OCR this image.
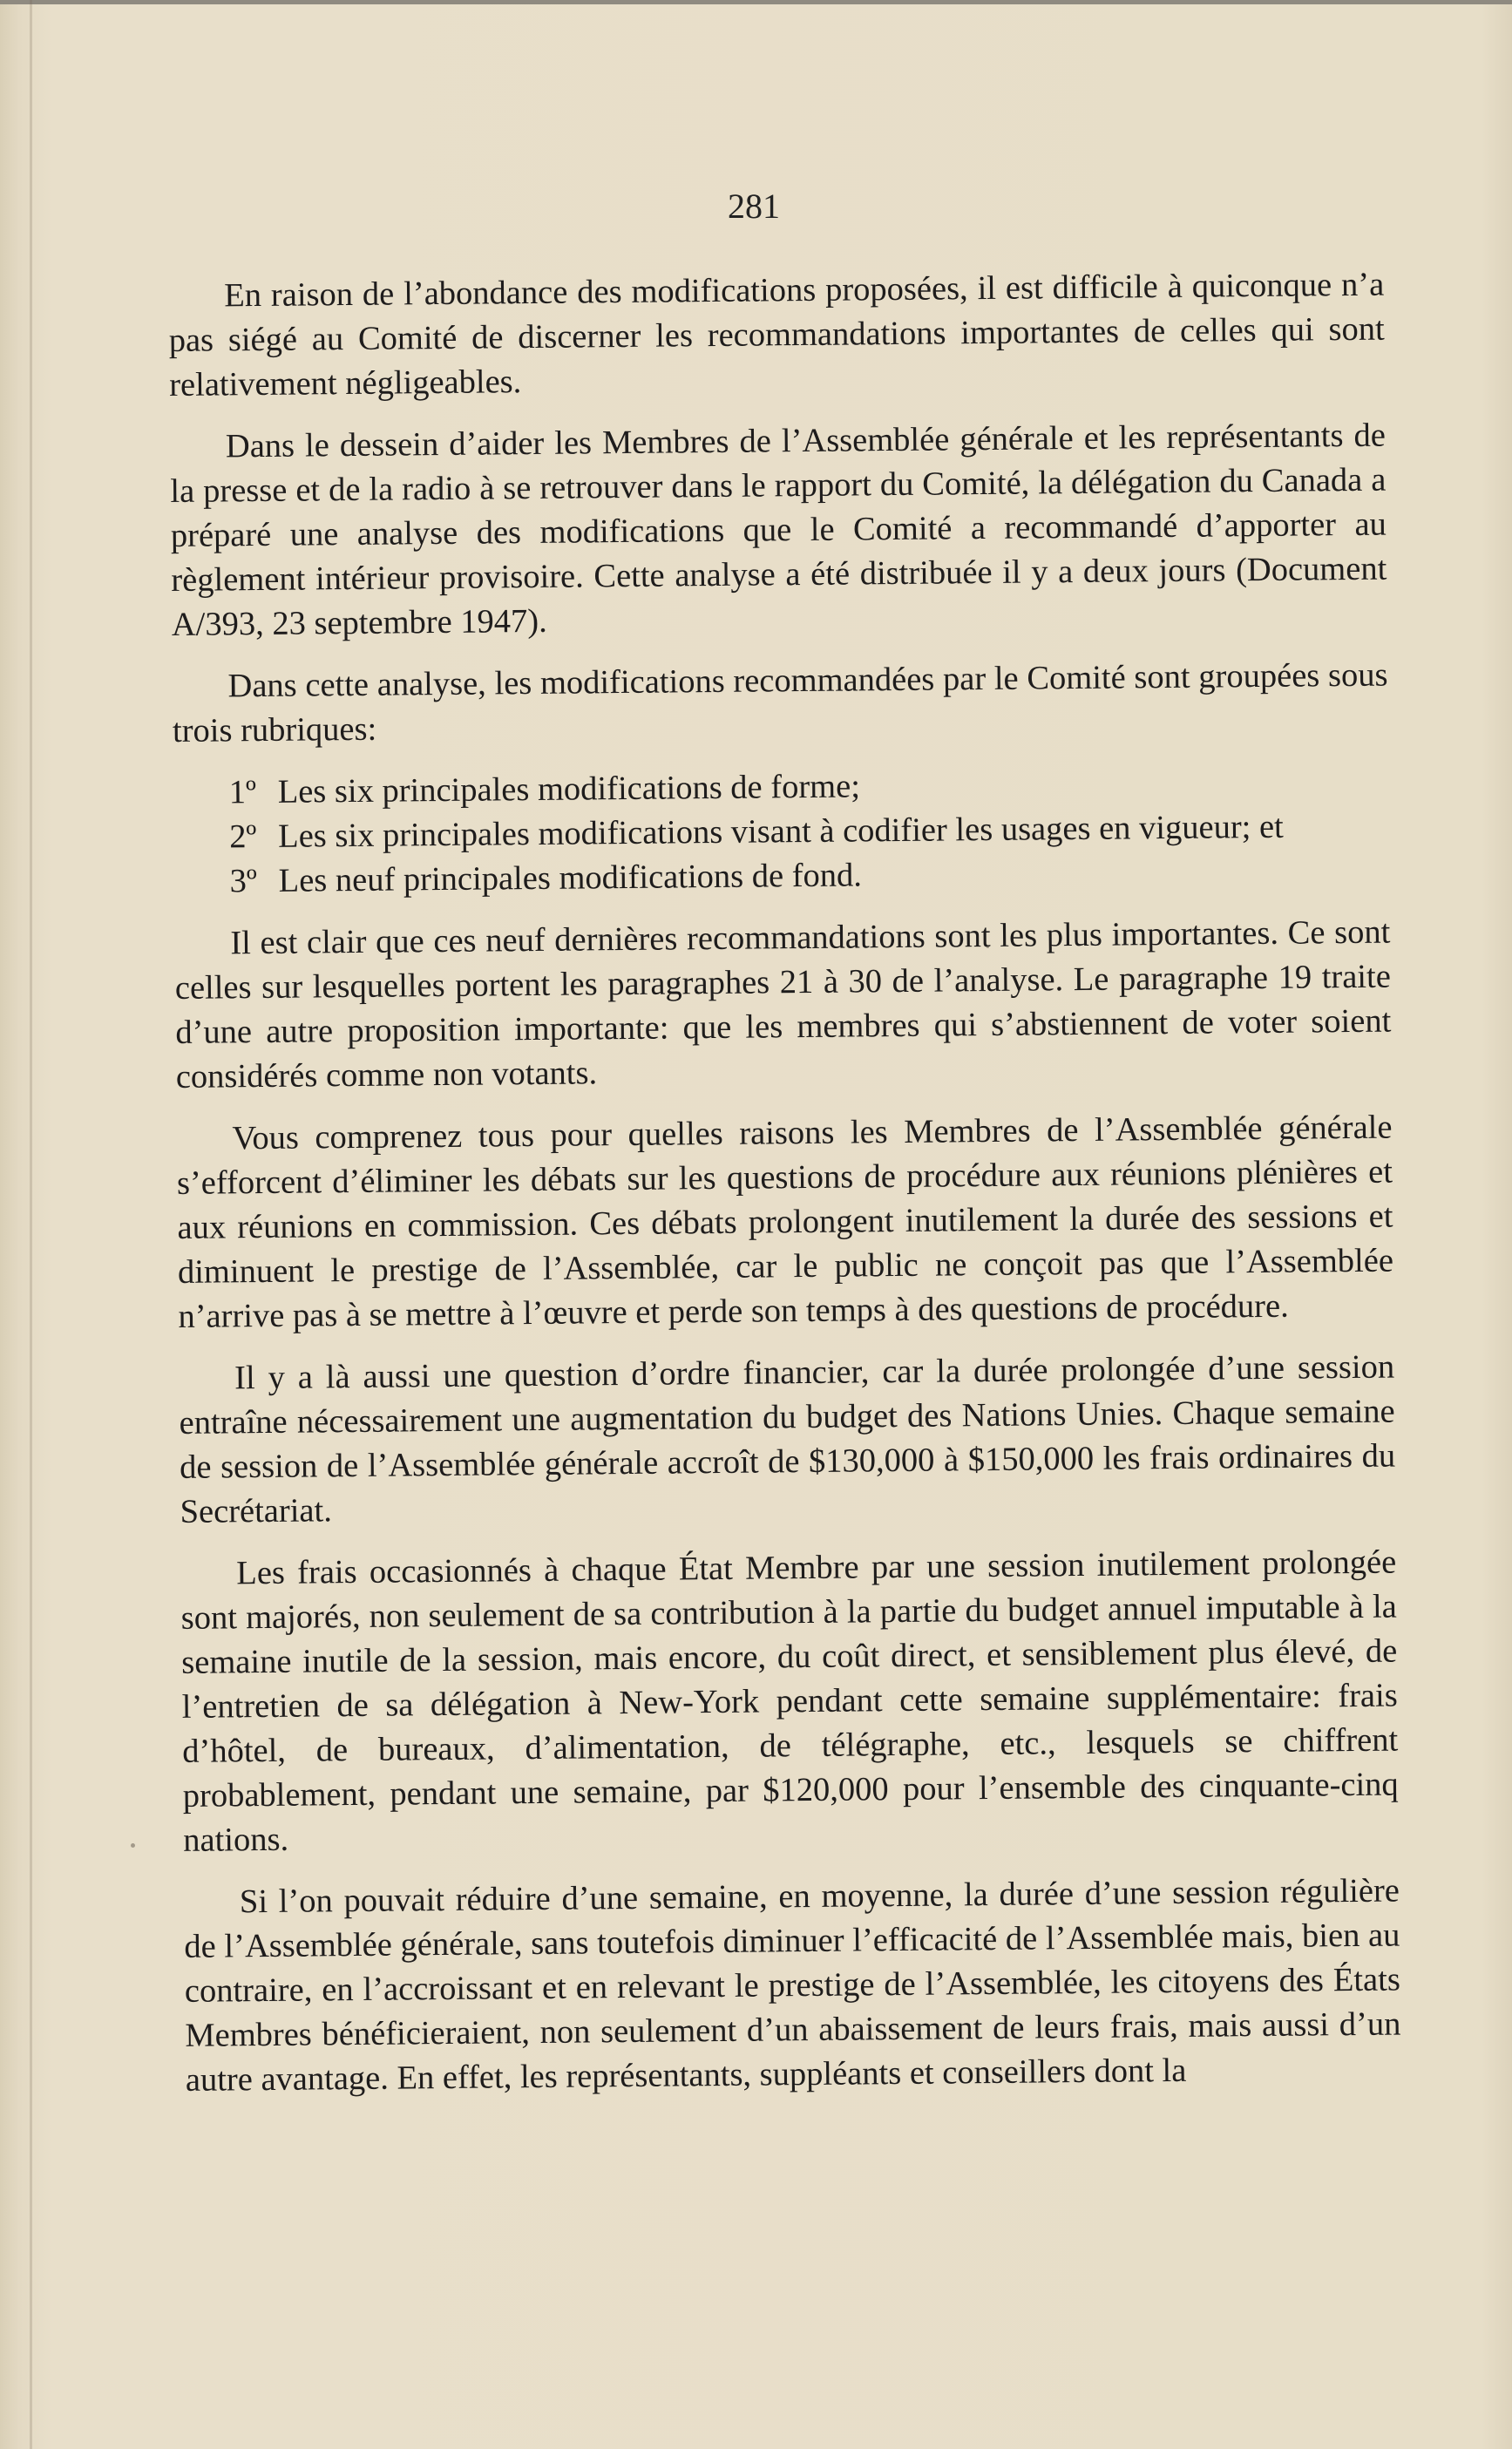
281

En raison de l’abondance des modifications proposées, il est difficile à quiconque n’a pas siégé au Comité de discerner les recommandations importantes de celles qui sont relativement négligeables.

Dans le dessein d’aider les Membres de l’Assemblée générale et les représentants de la presse et de la radio à se retrouver dans le rapport du Comité, la délégation du Canada a préparé une analyse des modifications que le Comité a recommandé d’apporter au règlement intérieur provisoire. Cette analyse a été distribuée il y a deux jours (Document A/393, 23 septembre 1947).

Dans cette analyse, les modifications recommandées par le Comité sont groupées sous trois rubriques:

1º Les six principales modifications de forme;

2º Les six principales modifications visant à codifier les usages en vigueur; et

3º Les neuf principales modifications de fond.

Il est clair que ces neuf dernières recommandations sont les plus importantes. Ce sont celles sur lesquelles portent les paragraphes 21 à 30 de l’analyse. Le paragraphe 19 traite d’une autre proposition importante: que les membres qui s’abstiennent de voter soient considérés comme non votants.

Vous comprenez tous pour quelles raisons les Membres de l’Assemblée générale s’efforcent d’éliminer les débats sur les questions de procédure aux réunions plénières et aux réunions en commission. Ces débats prolongent inutilement la durée des sessions et diminuent le prestige de l’Assemblée, car le public ne conçoit pas que l’Assemblée n’arrive pas à se mettre à l’œuvre et perde son temps à des questions de procédure.

Il y a là aussi une question d’ordre financier, car la durée prolongée d’une session entraîne nécessairement une augmentation du budget des Nations Unies. Chaque semaine de session de l’Assemblée générale accroît de $130,000 à $150,000 les frais ordinaires du Secrétariat.

Les frais occasionnés à chaque État Membre par une session inutilement prolongée sont majorés, non seulement de sa contribution à la partie du budget annuel imputable à la semaine inutile de la session, mais encore, du coût direct, et sensiblement plus élevé, de l’entretien de sa délégation à New-York pendant cette semaine supplémentaire: frais d’hôtel, de bureaux, d’alimentation, de télégraphe, etc., lesquels se chiffrent probablement, pendant une semaine, par $120,000 pour l’ensemble des cinquante-cinq nations.

Si l’on pouvait réduire d’une semaine, en moyenne, la durée d’une session régulière de l’Assemblée générale, sans toutefois diminuer l’efficacité de l’Assemblée mais, bien au contraire, en l’accroissant et en relevant le prestige de l’Assemblée, les citoyens des États Membres bénéficieraient, non seulement d’un abaissement de leurs frais, mais aussi d’un autre avantage. En effet, les représentants, suppléants et conseillers dont la
